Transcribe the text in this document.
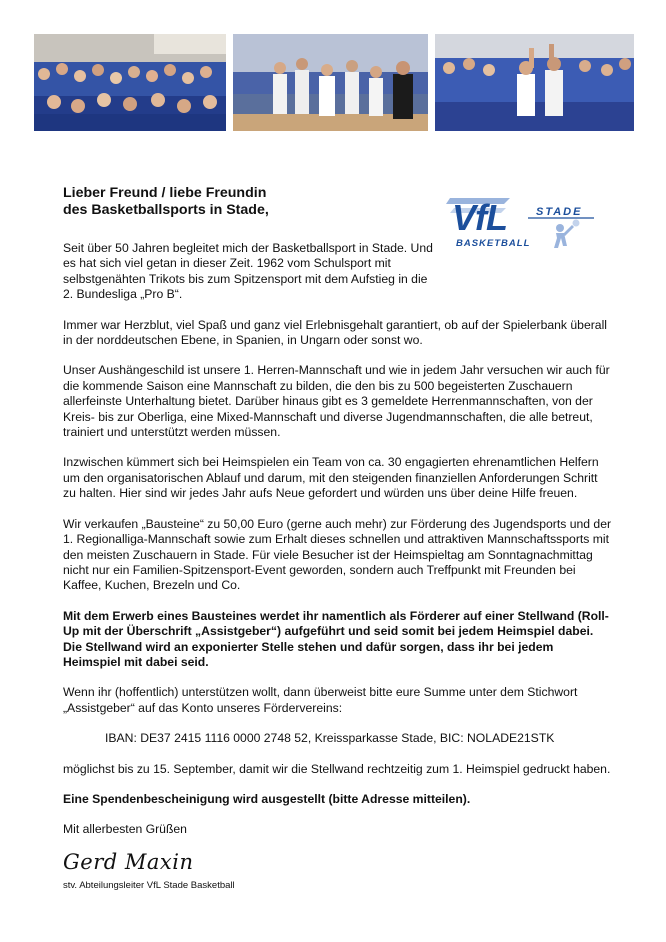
VfL	STADE
BASKETBALL

Lieber Freund / liebe Freundin

des Basketballsports in Stade,

Seit über 50 Jahren begleitet mich der Basketballsport in Stade. Und es hat sich viel getan in dieser Zeit. 1962 vom Schulsport mit selbstgenähten Trikots bis zum Spitzensport mit dem Aufstieg in die 2. Bundesliga „Pro B“.

Immer war Herzblut, viel Spaß und ganz viel Erlebnisgehalt garantiert, ob auf der Spielerbank überall in der norddeutschen Ebene, in Spanien, in Ungarn oder sonst wo.

Unser Aushängeschild ist unsere 1. Herren-Mannschaft und wie in jedem Jahr versuchen wir auch für die kommende Saison eine Mannschaft zu bilden, die den bis zu 500 begeisterten Zuschauern allerfeinste Unterhaltung bietet. Darüber hinaus gibt es 3 gemeldete Herrenmannschaften, von der Kreis- bis zur Oberliga, eine Mixed-Mannschaft und diverse Jugendmannschaften, die alle betreut, trainiert und unterstützt werden müssen.

Inzwischen kümmert sich bei Heimspielen ein Team von ca. 30 engagierten ehrenamtlichen Helfern um den organisatorischen Ablauf und darum, mit den steigenden finanziellen Anforderungen Schritt zu halten. Hier sind wir jedes Jahr aufs Neue gefordert und würden uns über deine Hilfe freuen.

Wir verkaufen „Bausteine“ zu 50,00 Euro (gerne auch mehr) zur Förderung des Jugendsports und der 1. Regionalliga-Mannschaft sowie zum Erhalt dieses schnellen und attraktiven Mannschaftssports mit den meisten Zuschauern in Stade. Für viele Besucher ist der Heimspieltag am Sonntagnachmittag nicht nur ein Familien-Spitzensport-Event geworden, sondern auch Treffpunkt mit Freunden bei Kaffee, Kuchen, Brezeln und Co.

Mit dem Erwerb eines Bausteines werdet ihr namentlich als Förderer auf einer Stellwand (Roll-Up mit der Überschrift „Assistgeber“) aufgeführt und seid somit bei jedem Heimspiel dabei. Die Stellwand wird an exponierter Stelle stehen und dafür sorgen, dass ihr bei jedem Heimspiel mit dabei seid.

Wenn ihr (hoffentlich) unterstützen wollt, dann überweist bitte eure Summe unter dem Stichwort „Assistgeber“ auf das Konto unseres Fördervereins:

IBAN: DE37 2415 1116 0000 2748 52, Kreissparkasse Stade, BIC: NOLADE21STK

möglichst bis zu 15. September, damit wir die Stellwand rechtzeitig zum 1. Heimspiel gedruckt haben.

Eine Spendenbescheinigung wird ausgestellt (bitte Adresse mitteilen).

Mit allerbesten Grüßen

Gerd Maxin

stv. Abteilungsleiter VfL Stade Basketball
